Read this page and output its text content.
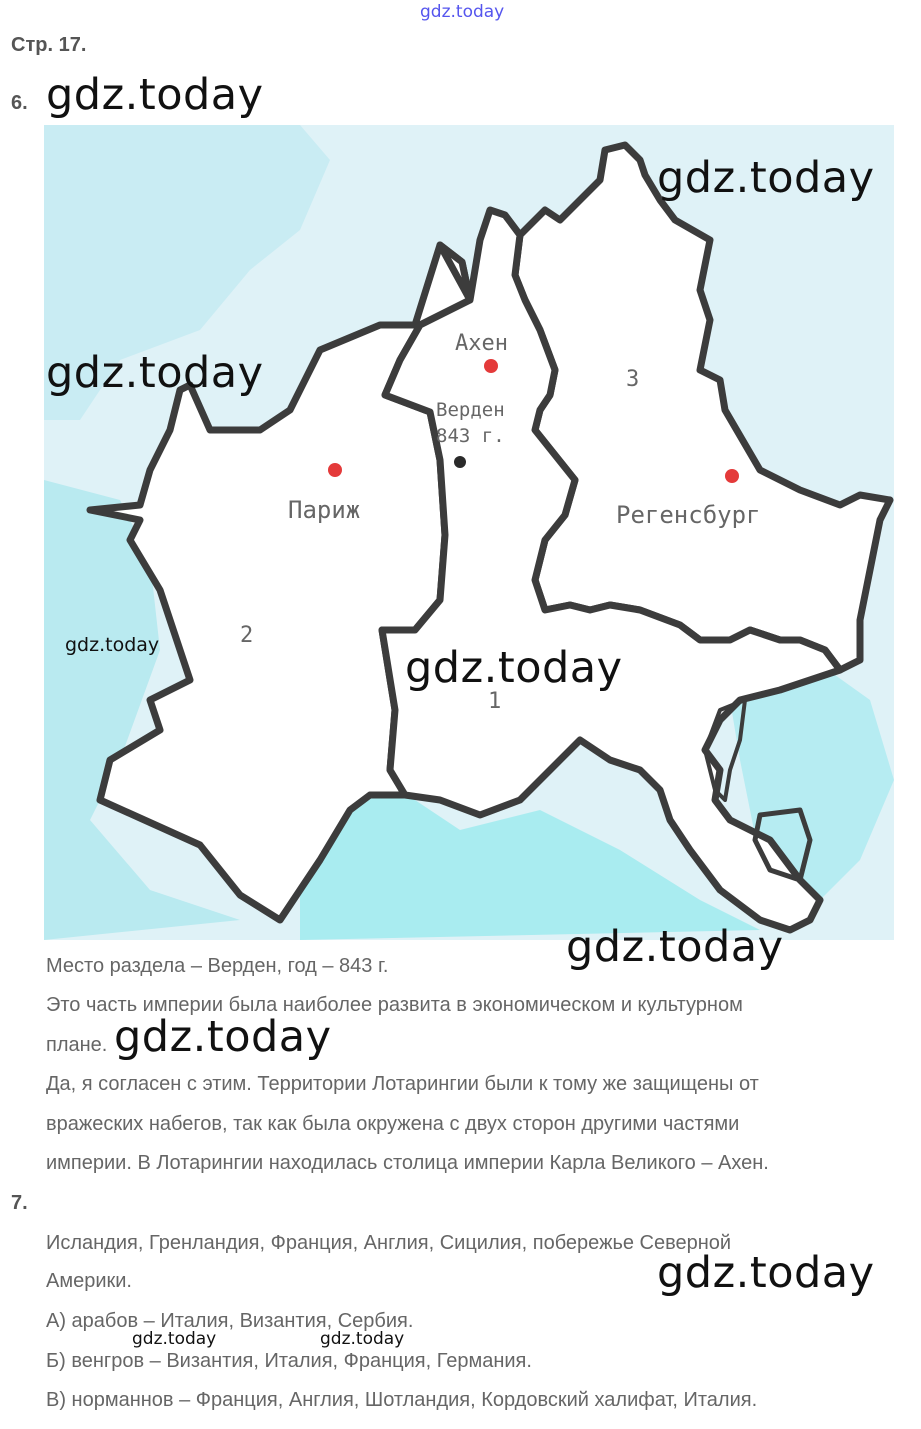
gdz.today
Стр. 17.
6. gdz.today
Ахен
Верден
843 г.
Париж	Регенсбург
1
2
3
gdz.today
gdz.today
gdz.today	gdz.today
Место раздела – Верден, год – 843 г.	gdz.today
Это часть империи была наиболее развита в экономическом и культурном
плане. gdz.today
Да, я согласен с этим. Территории Лотарингии были к тому же защищены от
вражеских набегов, так как была окружена с двух сторон другими частями
империи. В Лотарингии находилась столица империи Карла Великого – Ахен.
7.
Исландия, Гренландия, Франция, Англия, Сицилия, побережье Северной
Америки.	gdz.today
А) арабов – Италия, Византия, Сербия.
gdz.today	gdz.today
Б) венгров – Византия, Италия, Франция, Германия.
В) норманнов – Франция, Англия, Шотландия, Кордовский халифат, Италия.
